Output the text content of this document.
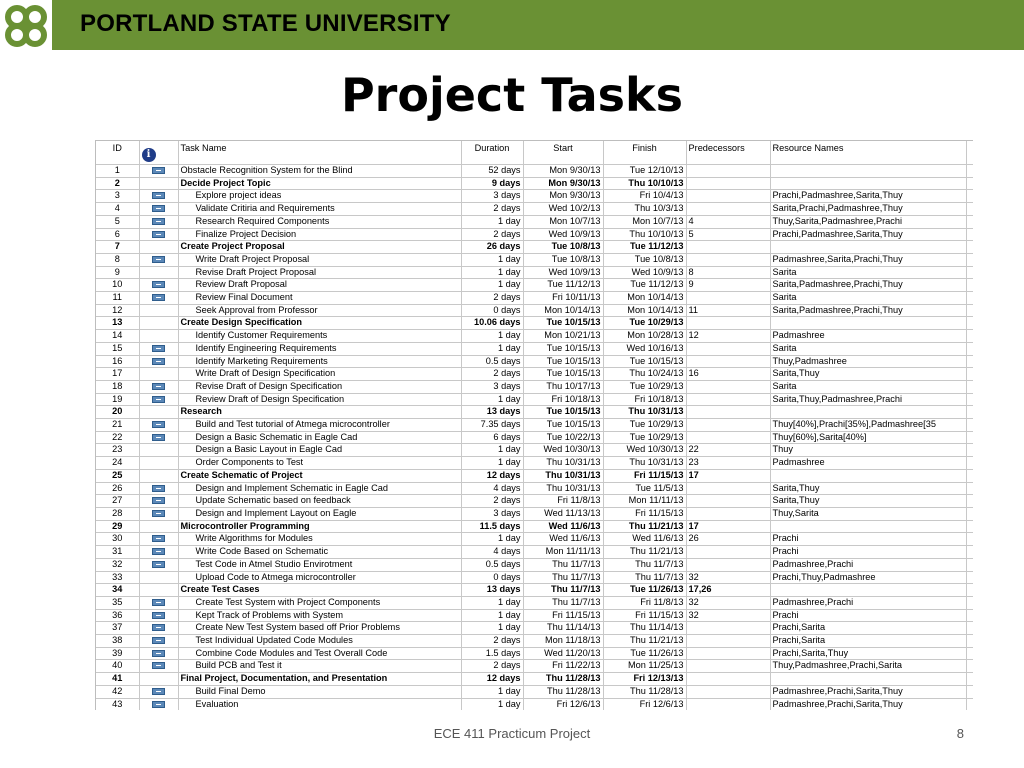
PORTLAND STATE UNIVERSITY
Project Tasks
ID	i	Task Name	Duration	Start	Finish	Predecessors	Resource Names	
1		Obstacle Recognition System for the Blind	52 days	Mon 9/30/13	Tue 12/10/13			
2		Decide Project Topic	9 days	Mon 9/30/13	Thu 10/10/13			
3		Explore project ideas	3 days	Mon 9/30/13	Fri 10/4/13		Prachi,Padmashree,Sarita,Thuy	
4		Validate Critiria and Requirements	2 days	Wed 10/2/13	Thu 10/3/13		Sarita,Prachi,Padmashree,Thuy	
5		Research Required Components	1 day	Mon 10/7/13	Mon 10/7/13	4	Thuy,Sarita,Padmashree,Prachi	
6		Finalize Project Decision	2 days	Wed 10/9/13	Thu 10/10/13	5	Prachi,Padmashree,Sarita,Thuy	
7		Create Project Proposal	26 days	Tue 10/8/13	Tue 11/12/13			
8		Write Draft Project Proposal	1 day	Tue 10/8/13	Tue 10/8/13		Padmashree,Sarita,Prachi,Thuy	
9		Revise Draft Project Proposal	1 day	Wed 10/9/13	Wed 10/9/13	8	Sarita	
10		Review Draft Proposal	1 day	Tue 11/12/13	Tue 11/12/13	9	Sarita,Padmashree,Prachi,Thuy	
11		Review Final Document	2 days	Fri 10/11/13	Mon 10/14/13		Sarita	
12		Seek Approval from Professor	0 days	Mon 10/14/13	Mon 10/14/13	11	Sarita,Padmashree,Prachi,Thuy	
13		Create Design Specification	10.06 days	Tue 10/15/13	Tue 10/29/13			
14		Identify Customer Requirements	1 day	Mon 10/21/13	Mon 10/28/13	12	Padmashree	
15		Identify Engineering Requirements	1 day	Tue 10/15/13	Wed 10/16/13		Sarita	
16		Identify Marketing Requirements	0.5 days	Tue 10/15/13	Tue 10/15/13		Thuy,Padmashree	
17		Write Draft of Design Specification	2 days	Tue 10/15/13	Thu 10/24/13	16	Sarita,Thuy	
18		Revise Draft of Design Specification	3 days	Thu 10/17/13	Tue 10/29/13		Sarita	
19		Review Draft of Design Specification	1 day	Fri 10/18/13	Fri 10/18/13		Sarita,Thuy,Padmashree,Prachi	
20		Research	13 days	Tue 10/15/13	Thu 10/31/13			
21		Build and Test tutorial of Atmega microcontroller	7.35 days	Tue 10/15/13	Tue 10/29/13		Thuy[40%],Prachi[35%],Padmashree[35	
22		Design a Basic Schematic in Eagle Cad	6 days	Tue 10/22/13	Tue 10/29/13		Thuy[60%],Sarita[40%]	
23		Design a Basic Layout in Eagle Cad	1 day	Wed 10/30/13	Wed 10/30/13	22	Thuy	
24		Order Components to Test	1 day	Thu 10/31/13	Thu 10/31/13	23	Padmashree	
25		Create Schematic of Project	12 days	Thu 10/31/13	Fri 11/15/13	17		
26		Design and Implement Schematic in Eagle Cad	4 days	Thu 10/31/13	Tue 11/5/13		Sarita,Thuy	
27		Update Schematic based on feedback	2 days	Fri 11/8/13	Mon 11/11/13		Sarita,Thuy	
28		Design and Implement Layout on Eagle	3 days	Wed 11/13/13	Fri 11/15/13		Thuy,Sarita	
29		Microcontroller Programming	11.5 days	Wed 11/6/13	Thu 11/21/13	17		
30		Write Algorithms for Modules	1 day	Wed 11/6/13	Wed 11/6/13	26	Prachi	
31		Write Code Based on Schematic	4 days	Mon 11/11/13	Thu 11/21/13		Prachi	
32		Test Code in Atmel Studio Envirotment	0.5 days	Thu 11/7/13	Thu 11/7/13		Padmashree,Prachi	
33		Upload Code to Atmega microcontroller	0 days	Thu 11/7/13	Thu 11/7/13	32	Prachi,Thuy,Padmashree	
34		Create Test Cases	13 days	Thu 11/7/13	Tue 11/26/13	17,26		
35		Create Test System with Project Components	1 day	Thu 11/7/13	Fri 11/8/13	32	Padmashree,Prachi	
36		Kept Track of Problems with System	1 day	Fri 11/15/13	Fri 11/15/13	32	Prachi	
37		Create New Test System based off Prior Problems	1 day	Thu 11/14/13	Thu 11/14/13		Prachi,Sarita	
38		Test Individual Updated Code Modules	2 days	Mon 11/18/13	Thu 11/21/13		Prachi,Sarita	
39		Combine Code Modules and Test Overall Code	1.5 days	Wed 11/20/13	Tue 11/26/13		Prachi,Sarita,Thuy	
40		Build PCB and Test it	2 days	Fri 11/22/13	Mon 11/25/13		Thuy,Padmashree,Prachi,Sarita	
41		Final Project, Documentation, and Presentation	12 days	Thu 11/28/13	Fri 12/13/13			
42		Build Final Demo	1 day	Thu 11/28/13	Thu 11/28/13		Padmashree,Prachi,Sarita,Thuy	
43		Evaluation	1 day	Fri 12/6/13	Fri 12/6/13		Padmashree,Prachi,Sarita,Thuy	
ECE 411 Practicum Project	8
